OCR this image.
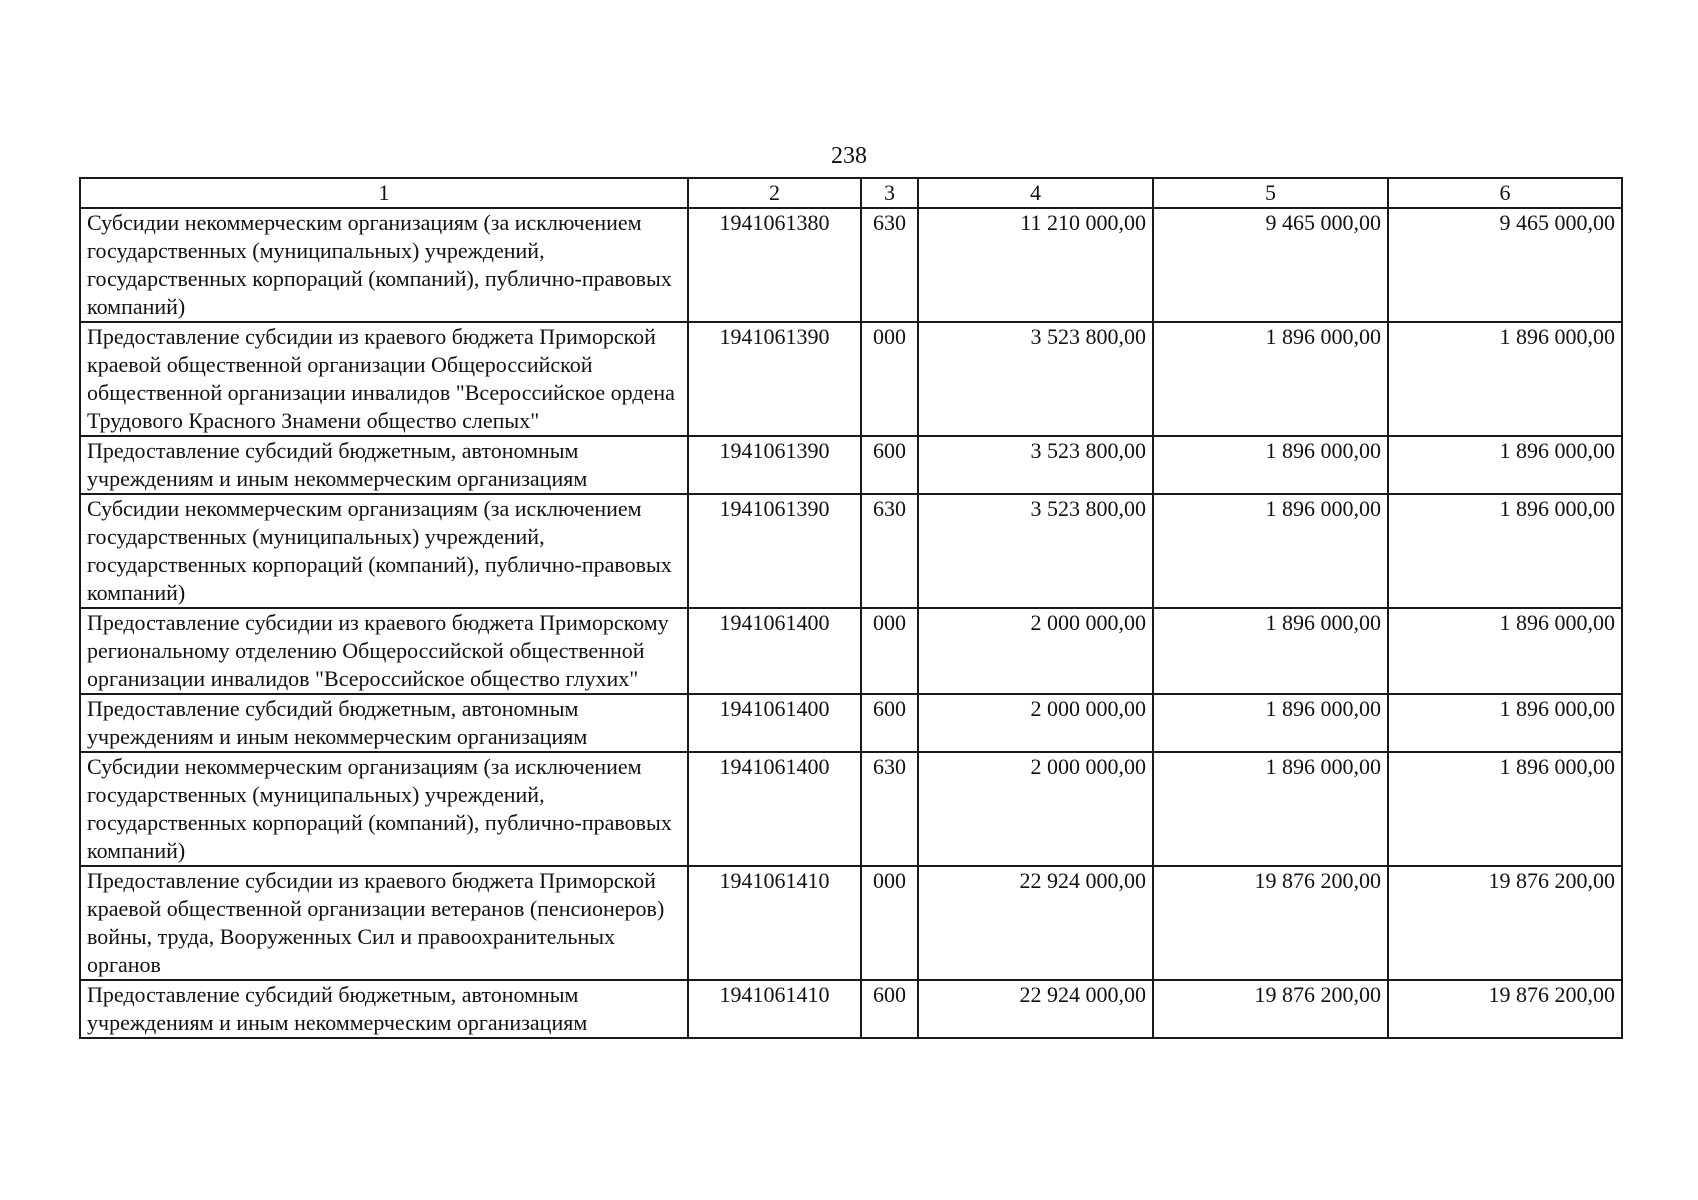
238
1	2	3	4	5	6
Субсидии некоммерческим организациям (за исключением государственных (муниципальных) учреждений, государственных корпораций (компаний), публично-правовых компаний)	1941061380	630	11 210 000,00	9 465 000,00	9 465 000,00
Предоставление субсидии из краевого бюджета Приморской краевой общественной организации Общероссийской общественной организации инвалидов "Всероссийское ордена Трудового Красного Знамени общество слепых"	1941061390	000	3 523 800,00	1 896 000,00	1 896 000,00
Предоставление субсидий бюджетным, автономным учреждениям и иным некоммерческим организациям	1941061390	600	3 523 800,00	1 896 000,00	1 896 000,00
Субсидии некоммерческим организациям (за исключением государственных (муниципальных) учреждений, государственных корпораций (компаний), публично-правовых компаний)	1941061390	630	3 523 800,00	1 896 000,00	1 896 000,00
Предоставление субсидии из краевого бюджета Приморскому региональному отделению Общероссийской общественной организации инвалидов "Всероссийское общество глухих"	1941061400	000	2 000 000,00	1 896 000,00	1 896 000,00
Предоставление субсидий бюджетным, автономным учреждениям и иным некоммерческим организациям	1941061400	600	2 000 000,00	1 896 000,00	1 896 000,00
Субсидии некоммерческим организациям (за исключением государственных (муниципальных) учреждений, государственных корпораций (компаний), публично-правовых компаний)	1941061400	630	2 000 000,00	1 896 000,00	1 896 000,00
Предоставление субсидии из краевого бюджета Приморской краевой общественной организации ветеранов (пенсионеров) войны, труда, Вооруженных Сил и правоохранительных органов	1941061410	000	22 924 000,00	19 876 200,00	19 876 200,00
Предоставление субсидий бюджетным, автономным учреждениям и иным некоммерческим организациям	1941061410	600	22 924 000,00	19 876 200,00	19 876 200,00
